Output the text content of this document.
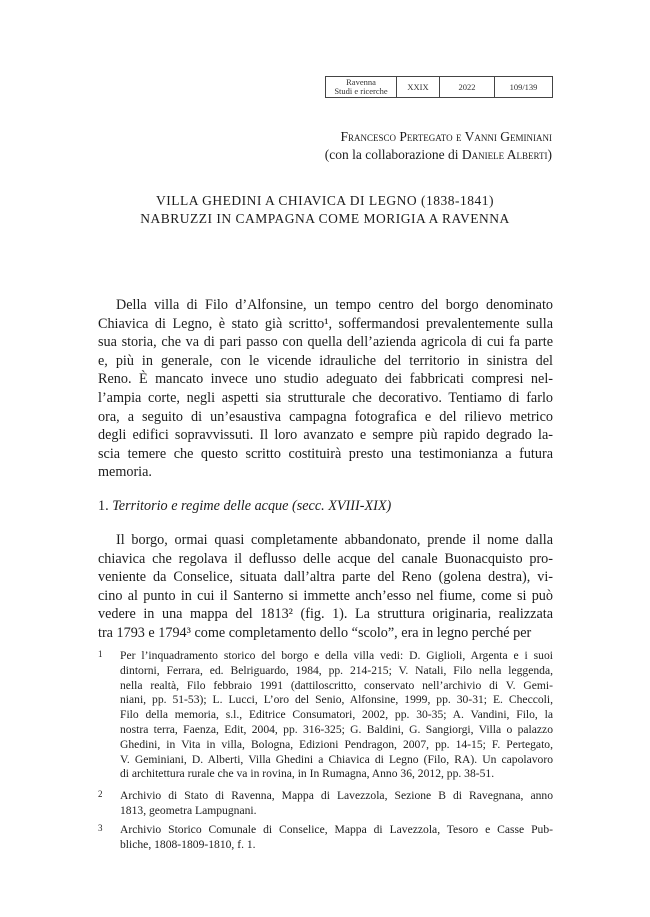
Ravenna
Studi e ricerche	XXIX	2022	109/139
Francesco Pertegato e Vanni Geminiani
(con la collaborazione di Daniele Alberti)
VILLA GHEDINI A CHIAVICA DI LEGNO (1838-1841)
NABRUZZI IN CAMPAGNA COME MORIGIA A RAVENNA
Della villa di Filo d’Alfonsine, un tempo centro del borgo denominato
Chiavica di Legno, è stato già scritto¹, soffermandosi prevalentemente sulla
sua storia, che va di pari passo con quella dell’azienda agricola di cui fa parte
e, più in generale, con le vicende idrauliche del territorio in sinistra del
Reno. È mancato invece uno studio adeguato dei fabbricati compresi nel-
l’ampia corte, negli aspetti sia strutturale che decorativo. Tentiamo di farlo
ora, a seguito di un’esaustiva campagna fotografica e del rilievo metrico
degli edifici sopravvissuti. Il loro avanzato e sempre più rapido degrado la-
scia temere che questo scritto costituirà presto una testimonianza a futura
memoria.
1. Territorio e regime delle acque (secc. XVIII-XIX)
Il borgo, ormai quasi completamente abbandonato, prende il nome dalla
chiavica che regolava il deflusso delle acque del canale Buonacquisto pro-
veniente da Conselice, situata dall’altra parte del Reno (golena destra), vi-
cino al punto in cui il Santerno si immette anch’esso nel fiume, come si può
vedere in una mappa del 1813² (fig. 1). La struttura originaria, realizzata
tra 1793 e 1794³ come completamento dello “scolo”, era in legno perché per
1 Per l’inquadramento storico del borgo e della villa vedi: D. Giglioli, Argenta e i suoi
dintorni, Ferrara, ed. Belriguardo, 1984, pp. 214-215; V. Natali, Filo nella leggenda,
nella realtà, Filo febbraio 1991 (dattiloscritto, conservato nell’archivio di V. Gemi-
niani, pp. 51-53); L. Lucci, L’oro del Senio, Alfonsine, 1999, pp. 30-31; E. Checcoli,
Filo della memoria, s.l., Editrice Consumatori, 2002, pp. 30-35; A. Vandini, Filo, la
nostra terra, Faenza, Edit, 2004, pp. 316-325; G. Baldini, G. Sangiorgi, Villa o palazzo
Ghedini, in Vita in villa, Bologna, Edizioni Pendragon, 2007, pp. 14-15; F. Pertegato,
V. Geminiani, D. Alberti, Villa Ghedini a Chiavica di Legno (Filo, RA). Un capolavoro
di architettura rurale che va in rovina, in In Rumagna, Anno 36, 2012, pp. 38-51.
2 Archivio di Stato di Ravenna, Mappa di Lavezzola, Sezione B di Ravegnana, anno
1813, geometra Lampugnani.
3 Archivio Storico Comunale di Conselice, Mappa di Lavezzola, Tesoro e Casse Pub-
bliche, 1808-1809-1810, f. 1.
